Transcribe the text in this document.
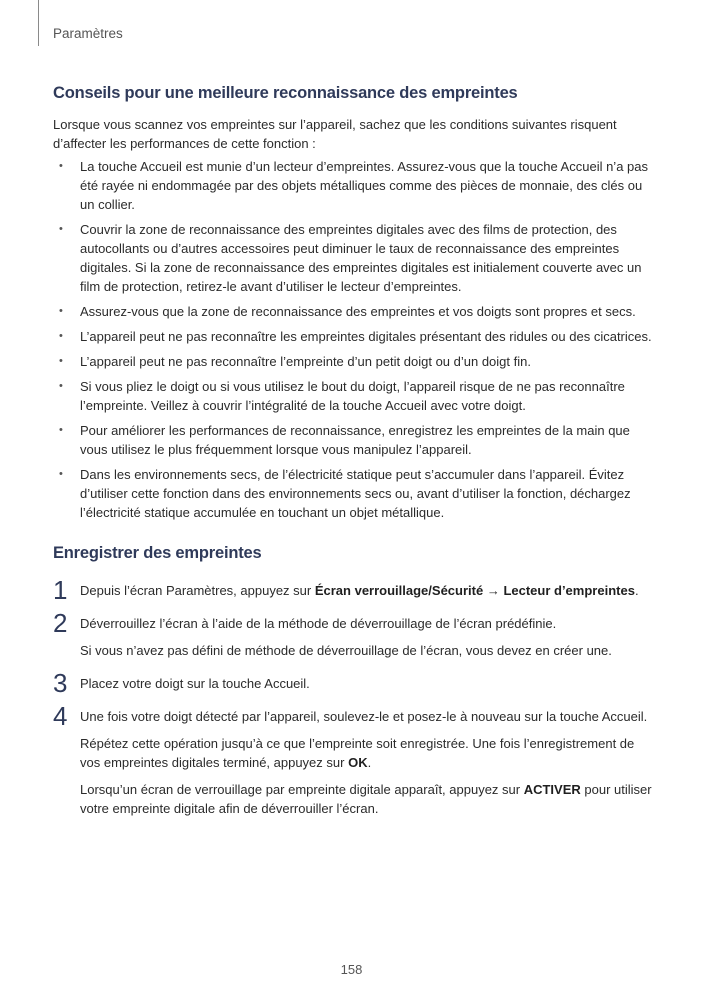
Paramètres
Conseils pour une meilleure reconnaissance des empreintes

Lorsque vous scannez vos empreintes sur l’appareil, sachez que les conditions suivantes risquent d’affecter les performances de cette fonction :

• La touche Accueil est munie d’un lecteur d’empreintes. Assurez-vous que la touche Accueil n’a pas été rayée ni endommagée par des objets métalliques comme des pièces de monnaie, des clés ou un collier.
• Couvrir la zone de reconnaissance des empreintes digitales avec des films de protection, des autocollants ou d’autres accessoires peut diminuer le taux de reconnaissance des empreintes digitales. Si la zone de reconnaissance des empreintes digitales est initialement couverte avec un film de protection, retirez-le avant d’utiliser le lecteur d’empreintes.
• Assurez-vous que la zone de reconnaissance des empreintes et vos doigts sont propres et secs.
• L’appareil peut ne pas reconnaître les empreintes digitales présentant des ridules ou des cicatrices.
• L’appareil peut ne pas reconnaître l’empreinte d’un petit doigt ou d’un doigt fin.
• Si vous pliez le doigt ou si vous utilisez le bout du doigt, l’appareil risque de ne pas reconnaître l’empreinte. Veillez à couvrir l’intégralité de la touche Accueil avec votre doigt.
• Pour améliorer les performances de reconnaissance, enregistrez les empreintes de la main que vous utilisez le plus fréquemment lorsque vous manipulez l’appareil.
• Dans les environnements secs, de l’électricité statique peut s’accumuler dans l’appareil. Évitez d’utiliser cette fonction dans des environnements secs ou, avant d’utiliser la fonction, déchargez l’électricité statique accumulée en touchant un objet métallique.
Enregistrer des empreintes
1 Depuis l’écran Paramètres, appuyez sur Écran verrouillage/Sécurité → Lecteur d’empreintes.

2 Déverrouillez l’écran à l’aide de la méthode de déverrouillage de l’écran prédéfinie.

Si vous n’avez pas défini de méthode de déverrouillage de l’écran, vous devez en créer une.

3 Placez votre doigt sur la touche Accueil.

4 Une fois votre doigt détecté par l’appareil, soulevez-le et posez-le à nouveau sur la touche Accueil.

Répétez cette opération jusqu’à ce que l’empreinte soit enregistrée. Une fois l’enregistrement de vos empreintes digitales terminé, appuyez sur OK.

Lorsqu’un écran de verrouillage par empreinte digitale apparaît, appuyez sur ACTIVER pour utiliser votre empreinte digitale afin de déverrouiller l’écran.

158
